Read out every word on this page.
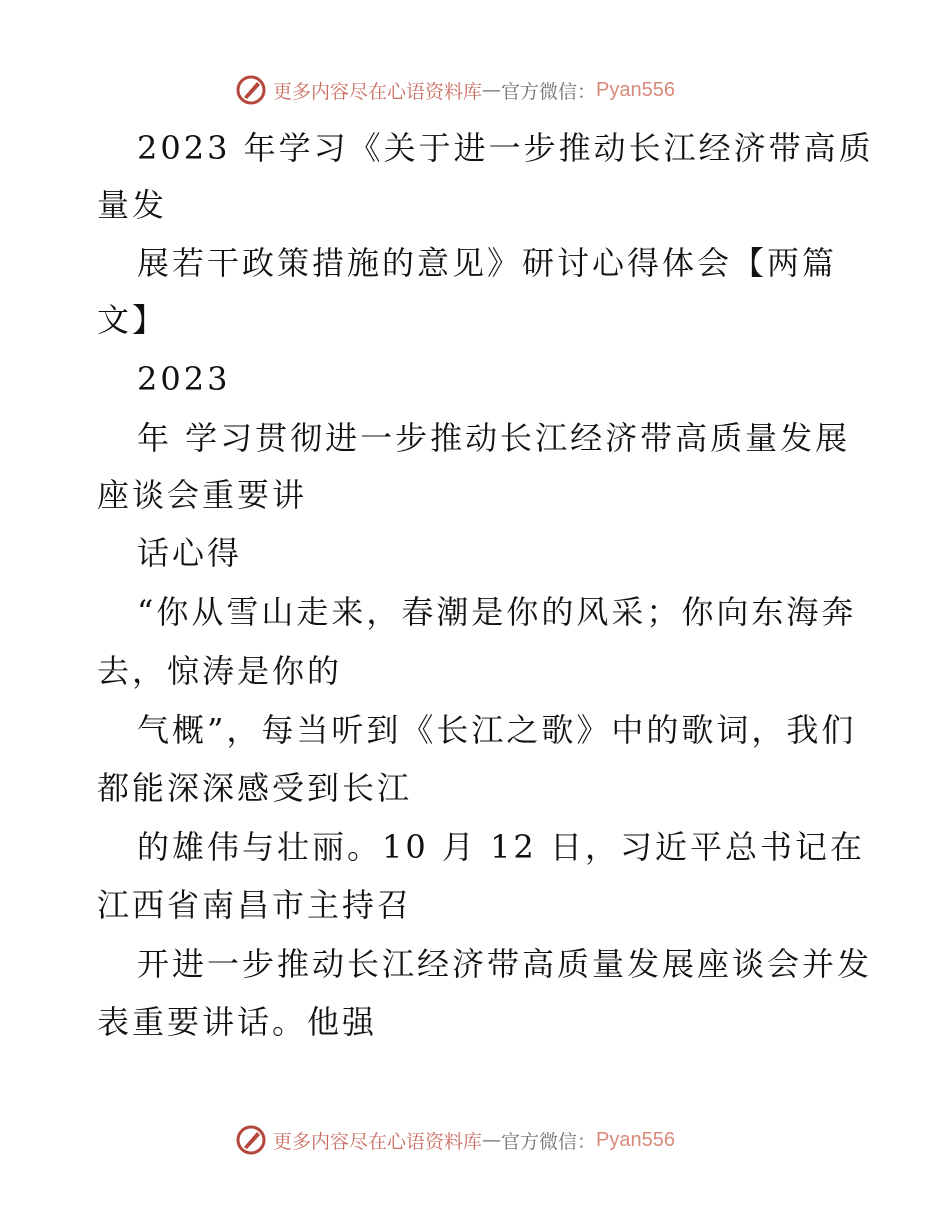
更多内容尽在心语资料库 — 官方微信： Pyan556
2023 年学习《关于进一步推动长江经济带高质
量发
展若干政策措施的意见》研讨心得体会【两篇
文】
2023
年 学习贯彻进一步推动长江经济带高质量发展
座谈会重要讲
话心得
“你从雪山走来，春潮是你的风采；你向东海奔
去，惊涛是你的
气概”，每当听到《长江之歌》中的歌词，我们
都能深深感受到长江
的雄伟与壮丽。10 月 12 日，习近平总书记在
江西省南昌市主持召
开进一步推动长江经济带高质量发展座谈会并发
表重要讲话。他强
更多内容尽在心语资料库 — 官方微信： Pyan556
